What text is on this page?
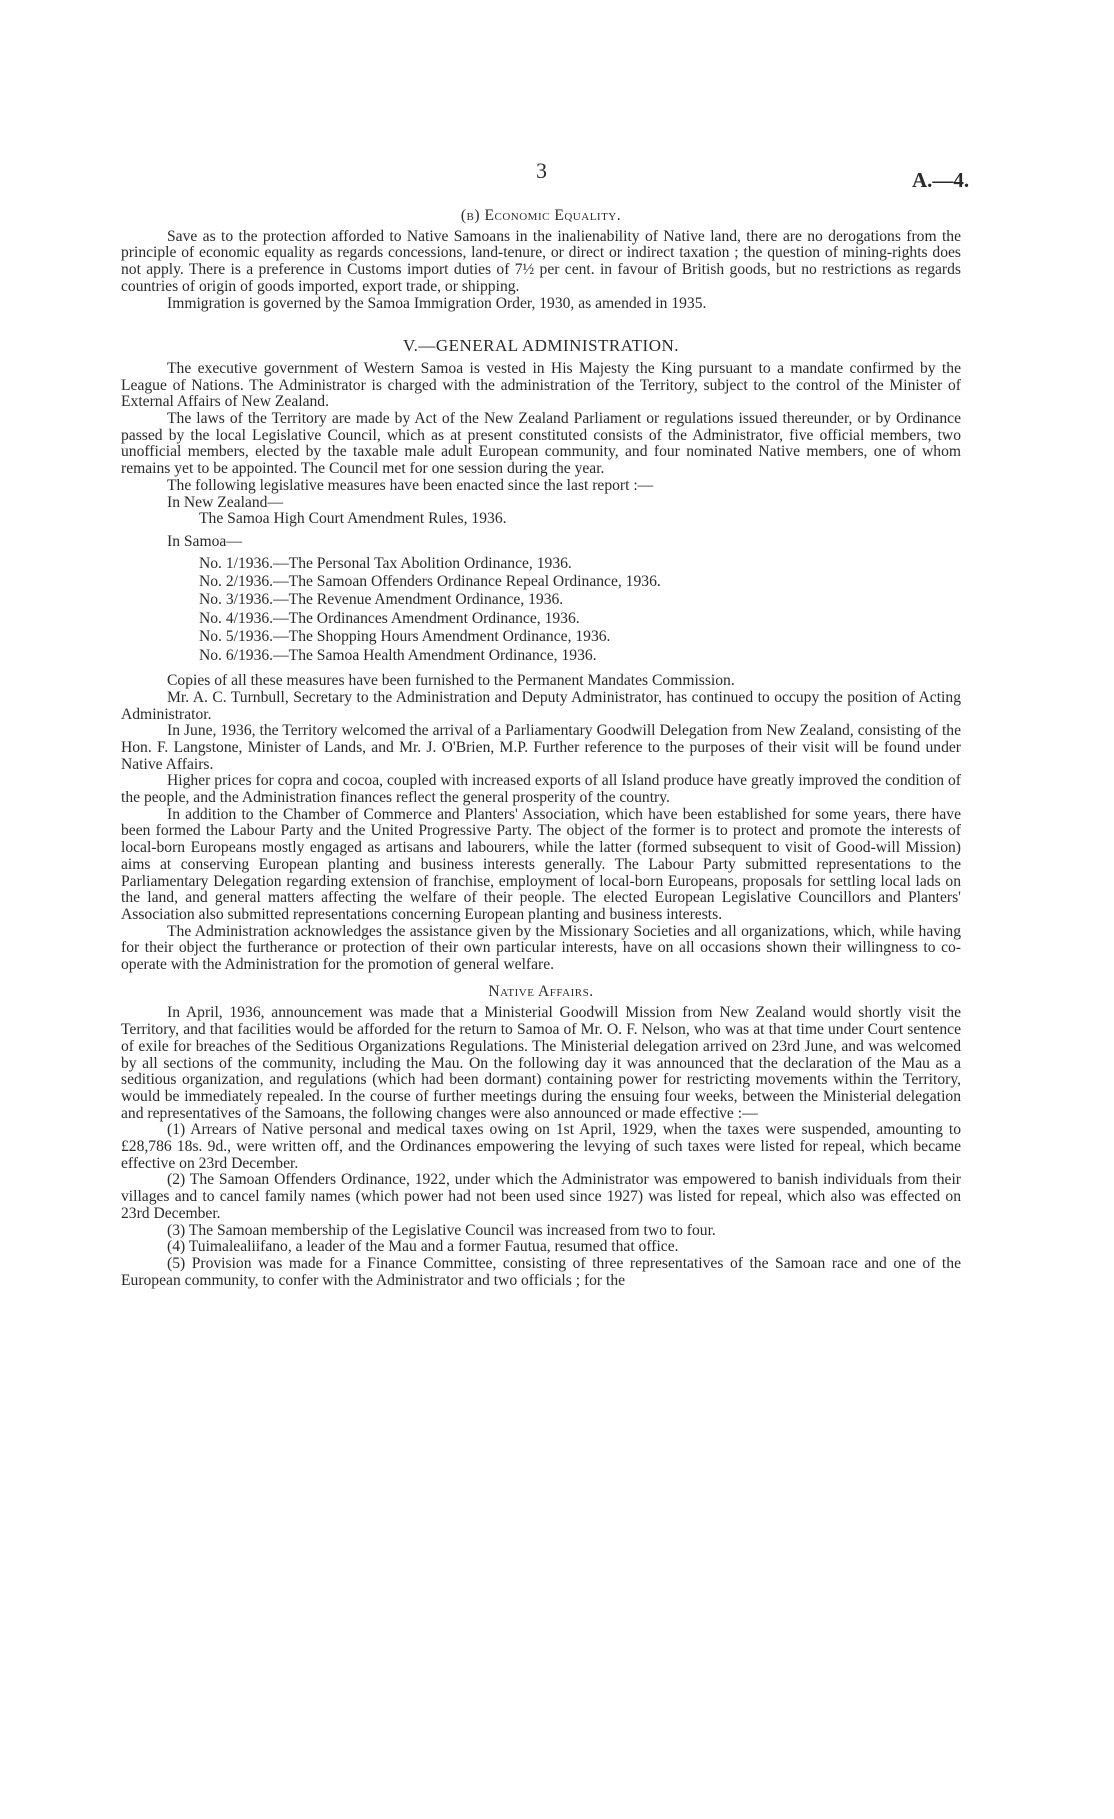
3	A.—4.
(b) Economic Equality.

Save as to the protection afforded to Native Samoans in the inalienability of Native land, there are no derogations from the principle of economic equality as regards concessions, land-tenure, or direct or indirect taxation ; the question of mining-rights does not apply. There is a preference in Customs import duties of 7½ per cent. in favour of British goods, but no restrictions as regards countries of origin of goods imported, export trade, or shipping.

Immigration is governed by the Samoa Immigration Order, 1930, as amended in 1935.

V.—GENERAL ADMINISTRATION.

The executive government of Western Samoa is vested in His Majesty the King pursuant to a mandate confirmed by the League of Nations. The Administrator is charged with the administration of the Territory, subject to the control of the Minister of External Affairs of New Zealand.

The laws of the Territory are made by Act of the New Zealand Parliament or regulations issued thereunder, or by Ordinance passed by the local Legislative Council, which as at present constituted consists of the Administrator, five official members, two unofficial members, elected by the taxable male adult European community, and four nominated Native members, one of whom remains yet to be appointed. The Council met for one session during the year.

The following legislative measures have been enacted since the last report :—

In New Zealand—
The Samoa High Court Amendment Rules, 1936.
In Samoa—
No. 1/1936.—The Personal Tax Abolition Ordinance, 1936.
No. 2/1936.—The Samoan Offenders Ordinance Repeal Ordinance, 1936.
No. 3/1936.—The Revenue Amendment Ordinance, 1936.
No. 4/1936.—The Ordinances Amendment Ordinance, 1936.
No. 5/1936.—The Shopping Hours Amendment Ordinance, 1936.
No. 6/1936.—The Samoa Health Amendment Ordinance, 1936.

Copies of all these measures have been furnished to the Permanent Mandates Commission.

Mr. A. C. Turnbull, Secretary to the Administration and Deputy Administrator, has continued to occupy the position of Acting Administrator.

In June, 1936, the Territory welcomed the arrival of a Parliamentary Goodwill Delegation from New Zealand, consisting of the Hon. F. Langstone, Minister of Lands, and Mr. J. O'Brien, M.P. Further reference to the purposes of their visit will be found under Native Affairs.

Higher prices for copra and cocoa, coupled with increased exports of all Island produce have greatly improved the condition of the people, and the Administration finances reflect the general prosperity of the country.

In addition to the Chamber of Commerce and Planters' Association, which have been established for some years, there have been formed the Labour Party and the United Progressive Party. The object of the former is to protect and promote the interests of local-born Europeans mostly engaged as artisans and labourers, while the latter (formed subsequent to visit of Good-will Mission) aims at conserving European planting and business interests generally. The Labour Party submitted representations to the Parliamentary Delegation regarding extension of franchise, employment of local-born Europeans, proposals for settling local lads on the land, and general matters affecting the welfare of their people. The elected European Legislative Councillors and Planters' Association also submitted representations concerning European planting and business interests.

The Administration acknowledges the assistance given by the Missionary Societies and all organizations, which, while having for their object the furtherance or protection of their own particular interests, have on all occasions shown their willingness to co-operate with the Administration for the promotion of general welfare.

Native Affairs.

In April, 1936, announcement was made that a Ministerial Goodwill Mission from New Zealand would shortly visit the Territory, and that facilities would be afforded for the return to Samoa of Mr. O. F. Nelson, who was at that time under Court sentence of exile for breaches of the Seditious Organizations Regulations. The Ministerial delegation arrived on 23rd June, and was welcomed by all sections of the community, including the Mau. On the following day it was announced that the declaration of the Mau as a seditious organization, and regulations (which had been dormant) containing power for restricting movements within the Territory, would be immediately repealed. In the course of further meetings during the ensuing four weeks, between the Ministerial delegation and representatives of the Samoans, the following changes were also announced or made effective :—

(1) Arrears of Native personal and medical taxes owing on 1st April, 1929, when the taxes were suspended, amounting to £28,786 18s. 9d., were written off, and the Ordinances empowering the levying of such taxes were listed for repeal, which became effective on 23rd December.

(2) The Samoan Offenders Ordinance, 1922, under which the Administrator was empowered to banish individuals from their villages and to cancel family names (which power had not been used since 1927) was listed for repeal, which also was effected on 23rd December.

(3) The Samoan membership of the Legislative Council was increased from two to four.

(4) Tuimalealiifano, a leader of the Mau and a former Fautua, resumed that office.

(5) Provision was made for a Finance Committee, consisting of three representatives of the Samoan race and one of the European community, to confer with the Administrator and two officials ; for the
